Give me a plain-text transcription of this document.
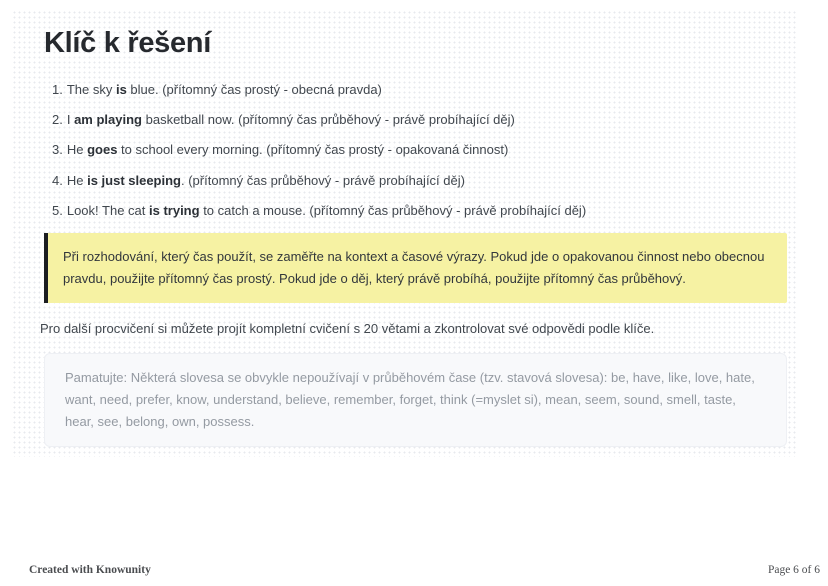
Klíč k řešení
1. The sky is blue. (přítomný čas prostý - obecná pravda)
2. I am playing basketball now. (přítomný čas průběhový - právě probíhající děj)
3. He goes to school every morning. (přítomný čas prostý - opakovaná činnost)
4. He is just sleeping. (přítomný čas průběhový - právě probíhající děj)
5. Look! The cat is trying to catch a mouse. (přítomný čas průběhový - právě probíhající děj)

Při rozhodování, který čas použít, se zaměřte na kontext a časové výrazy. Pokud jde o opakovanou činnost nebo obecnou pravdu, použijte přítomný čas prostý. Pokud jde o děj, který právě probíhá, použijte přítomný čas průběhový.

Pro další procvičení si můžete projít kompletní cvičení s 20 větami a zkontrolovat své odpovědi podle klíče.

Pamatujte: Některá slovesa se obvykle nepoužívají v průběhovém čase (tzv. stavová slovesa): be, have, like, love, hate, want, need, prefer, know, understand, believe, remember, forget, think (=myslet si), mean, seem, sound, smell, taste, hear, see, belong, own, possess.

Created with Knowunity	Page 6 of 6
